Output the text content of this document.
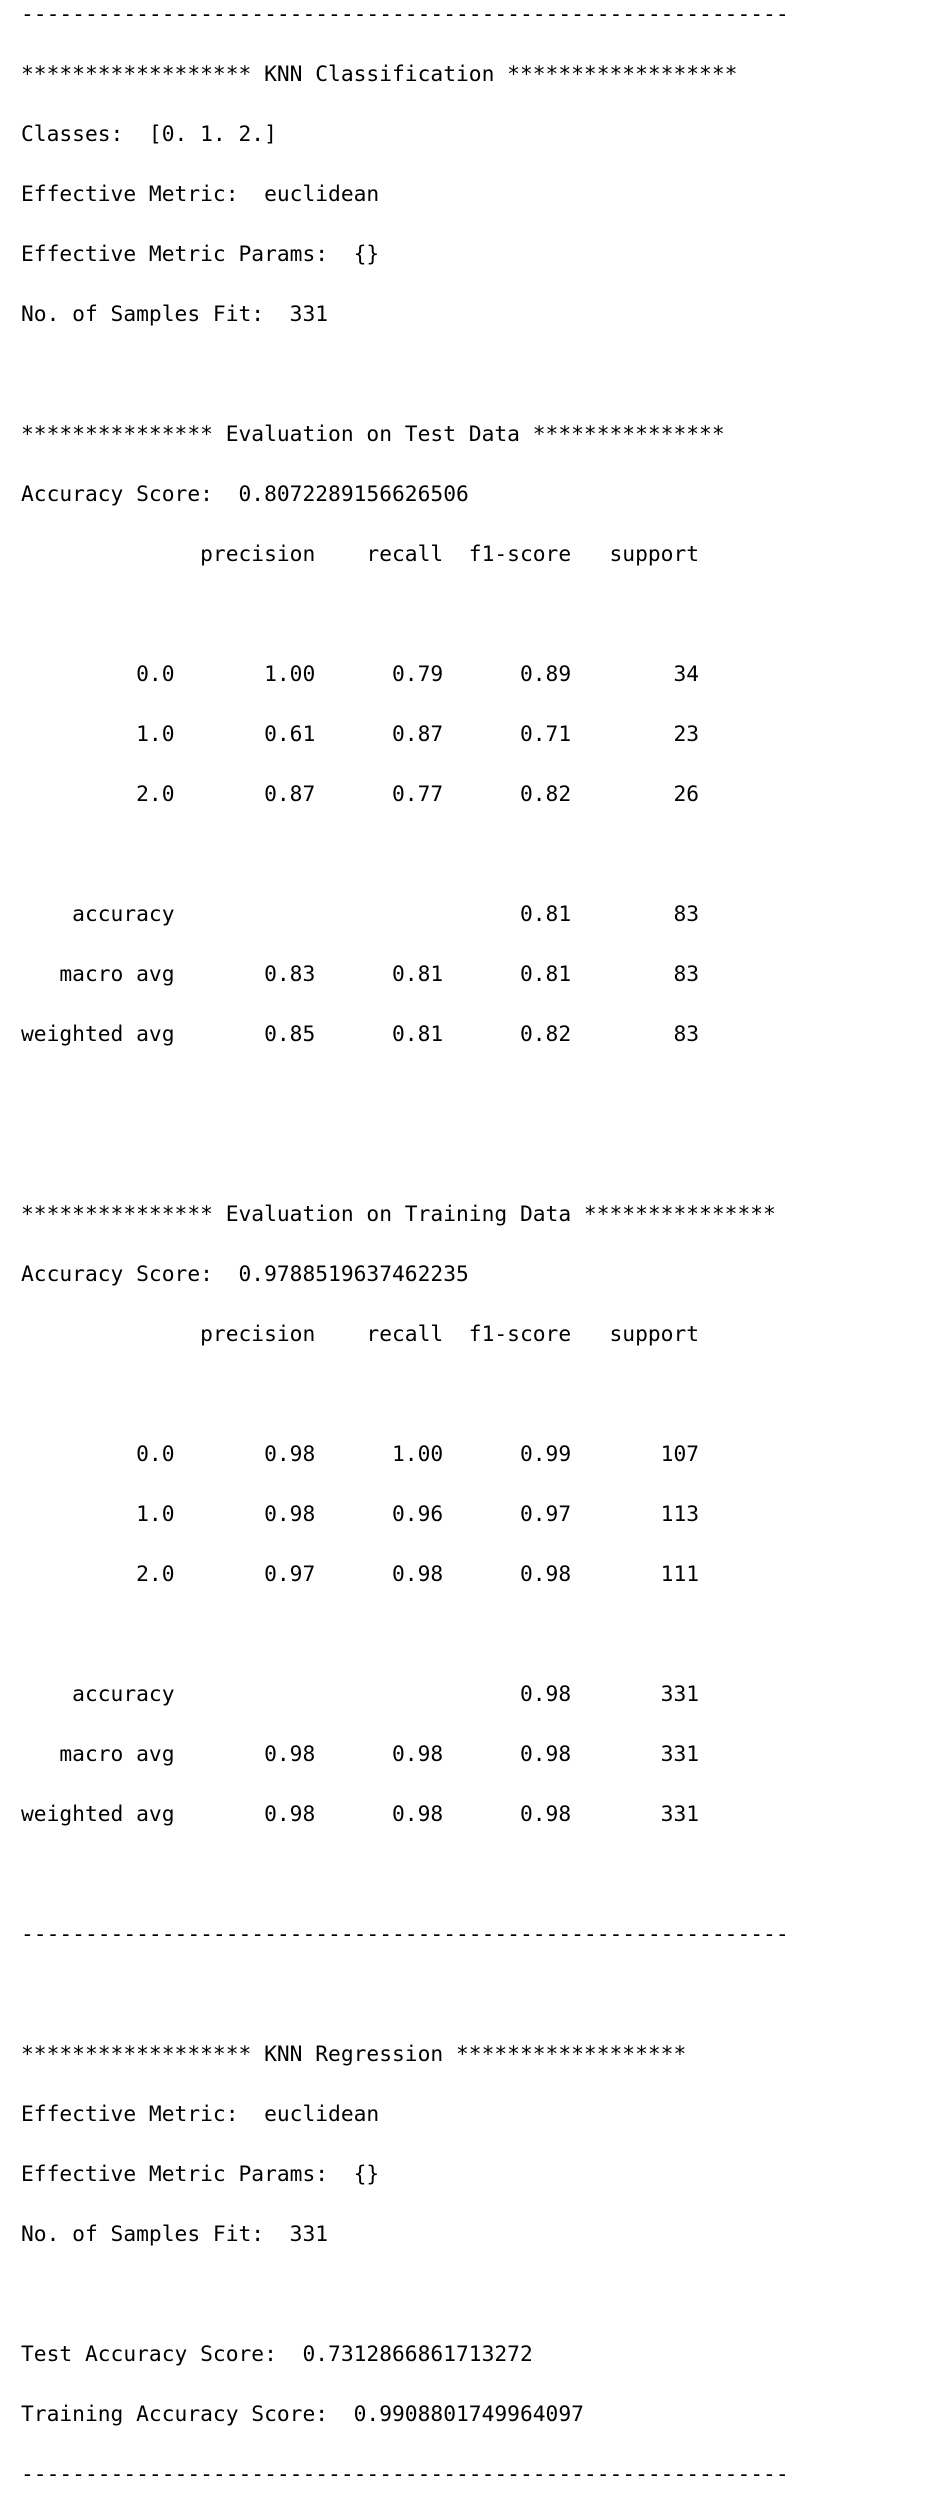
------------------------------------------------------------

****************** KNN Classification ******************

Classes:  [0. 1. 2.]

Effective Metric:  euclidean

Effective Metric Params:  {}

No. of Samples Fit:  331

*************** Evaluation on Test Data ***************

Accuracy Score:  0.8072289156626506

precision    recall  f1-score   support

0.0       1.00      0.79      0.89        34

1.0       0.61      0.87      0.71        23

2.0       0.87      0.77      0.82        26

accuracy                           0.81        83

macro avg       0.83      0.81      0.81        83

weighted avg       0.85      0.81      0.82        83

*************** Evaluation on Training Data ***************

Accuracy Score:  0.9788519637462235

precision    recall  f1-score   support

0.0       0.98      1.00      0.99       107

1.0       0.98      0.96      0.97       113

2.0       0.97      0.98      0.98       111

accuracy                           0.98       331

macro avg       0.98      0.98      0.98       331

weighted avg       0.98      0.98      0.98       331

------------------------------------------------------------

****************** KNN Regression ******************

Effective Metric:  euclidean

Effective Metric Params:  {}

No. of Samples Fit:  331

Test Accuracy Score:  0.7312866861713272

Training Accuracy Score:  0.9908801749964097

------------------------------------------------------------
